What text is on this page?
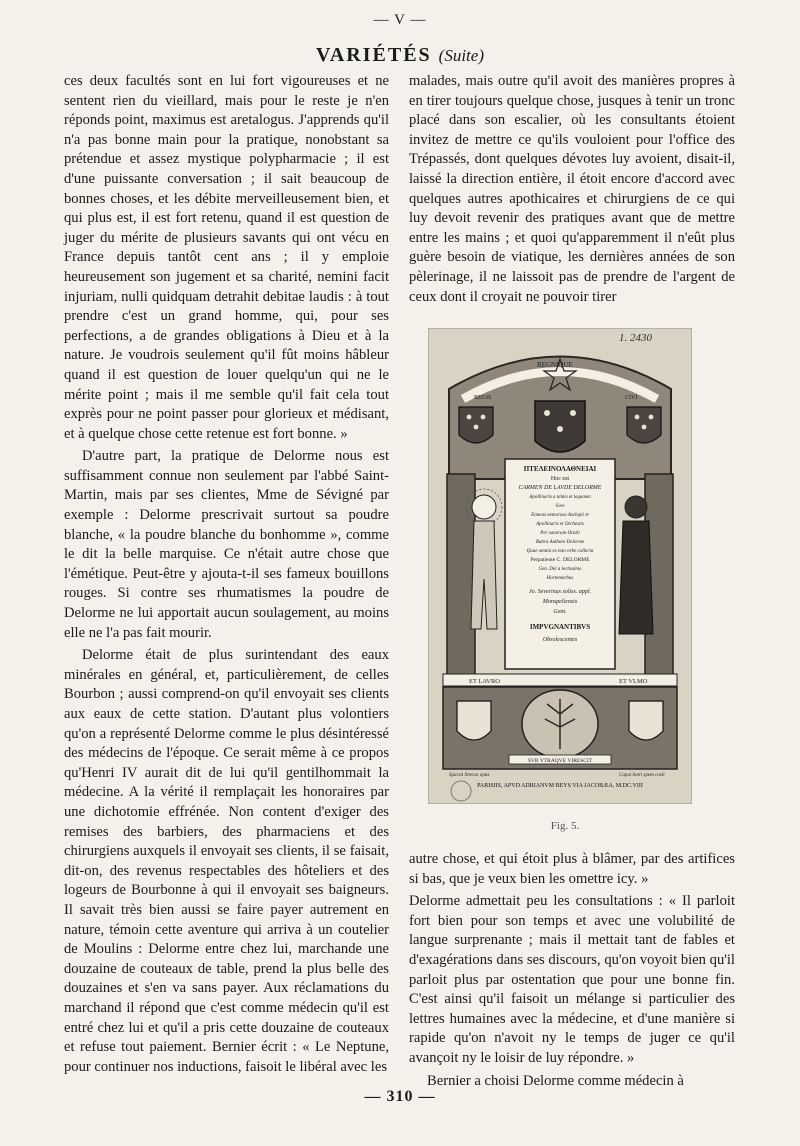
— V —
VARIÉTÉS (Suite)

ces deux facultés sont en lui fort vigoureuses et ne sentent rien du vieillard, mais pour le reste je n'en réponds point, maximus est aretalogus. J'apprends qu'il n'a pas bonne main pour la pratique, nonobstant sa prétendue et assez mystique polypharmacie ; il est d'une puissante conversation ; il sait beaucoup de bonnes choses, et les débite merveilleusement bien, et qui plus est, il est fort retenu, quand il est question de juger du mérite de plusieurs savants qui ont vécu en France depuis tantôt cent ans ; il y emploie heureusement son jugement et sa charité, nemini facit injuriam, nulli quidquam detrahit debitae laudis : à tout prendre c'est un grand homme, qui, pour ses perfections, a de grandes obligations à Dieu et à la nature. Je voudrois seulement qu'il fût moins hâbleur quand il est question de louer quelqu'un qui ne le mérite point ; mais il me semble qu'il fait cela tout exprès pour ne point passer pour glorieux et médisant, et à quelque chose cette retenue est fort bonne. »

D'autre part, la pratique de Delorme nous est suffisamment connue non seulement par l'abbé Saint-Martin, mais par ses clientes, Mme de Sévigné par exemple : Delorme prescrivait surtout sa poudre blanche, « la poudre blanche du bonhomme », comme le dit la belle marquise. Ce n'était autre chose que l'émétique. Peut-être y ajouta-t-il ses fameux bouillons rouges. Si contre ses rhumatismes la poudre de Delorme ne lui apportait aucun soulagement, au moins elle ne l'a pas fait mourir.

Delorme était de plus surintendant des eaux minérales en général, et, particulièrement, de celles Bourbon ; aussi comprend-on qu'il envoyait ses clients aux eaux de cette station. D'autant plus volontiers qu'on a représenté Delorme comme le plus désintéressé des médecins de l'époque. Ce serait même à ce propos qu'Henri IV aurait dit de lui qu'il gentilhommait la médecine. A la vérité il remplaçait les honoraires par une dichotomie effrénée. Non content d'exiger des remises des barbiers, des pharmaciens et des chirurgiens auxquels il envoyait ses clients, il se faisait, dit-on, des revenus respectables des hôteliers et des logeurs de Bourbonne à qui il envoyait ses baigneurs. Il savait très bien aussi se faire payer autrement en nature, témoin cette aventure qui arriva à un coutelier de Moulins : Delorme entre chez lui, marchande une douzaine de couteaux de table, prend la plus belle des douzaines et s'en va sans payer. Aux réclamations du marchand il répond que c'est comme médecin qu'il est entré chez lui et qu'il a pris cette douzaine de couteaux et refuse tout paiement. Bernier écrit : « Le Neptune, pour continuer nos inductions, faisoit le libéral avec les

malades, mais outre qu'il avoit des manières propres à en tirer toujours quelque chose, jusques à tenir un tronc placé dans son escalier, où les consultants étoient invitez de mettre ce qu'ils vouloient pour l'office des Trépassés, dont quelques dévotes luy avoient, disait-il, laissé la direction entière, il étoit encore d'accord avec quelques autres apothicaires et chirurgiens de ce qui luy devoit revenir des pratiques avant que de mettre entre les mains ; et quoi qu'apparemment il n'eût plus guère besoin de viatique, les dernières années de son pèlerinage, il ne laissoit pas de prendre de l'argent de ceux dont il croyait ne pouvoir tirer

1. 2430
REGNIQUE
REGIS	CIVI
ΠΤΕΛΕΙΝΟΛΑΘΝΕΙΑΙ
Hoc est
CARMEN DE LAVDE DELORME
Apollinaris a nimis et legumen
Sive
Enneas nemoroso Asclepii et
Apollinaris et Orchestis
Per sanorum Oratii
Rubra Authore Delorme
Quae omnia ex toto orbe collecta
Perpatiente C. DELORME
Gen. Dei a lectissimo
Hortemorbus
Jo. Severinus soliss. appl.
Monspeliensis
Gent.
IMPVGNANTIBVS
Obsolescentes
ET LAVRO	ET VLMO
SVB VTRAQVE VIRESCIT
Sparsit litteras opus	Caput botri spem coeli
PARISIIS, APVD ADRIANVM BEYS VIA JACOBÆA. M.DC.VIII
Fig. 5.

autre chose, et qui étoit plus à blâmer, par des artifices si bas, que je veux bien les omettre icy. »

Delorme admettait peu les consultations : « Il parloit fort bien pour son temps et avec une volubilité de langue surprenante ; mais il mettait tant de fables et d'exagérations dans ses discours, qu'on voyoit bien qu'il parloit plus par ostentation que pour une bonne fin. C'est ainsi qu'il faisoit un mélange si particulier des lettres humaines avec la médecine, et d'une manière si rapide qu'on n'avoit ny le temps de juger ce qu'il avançoit ny le loisir de luy répondre. »

Bernier a choisi Delorme comme médecin à

— 310 —
